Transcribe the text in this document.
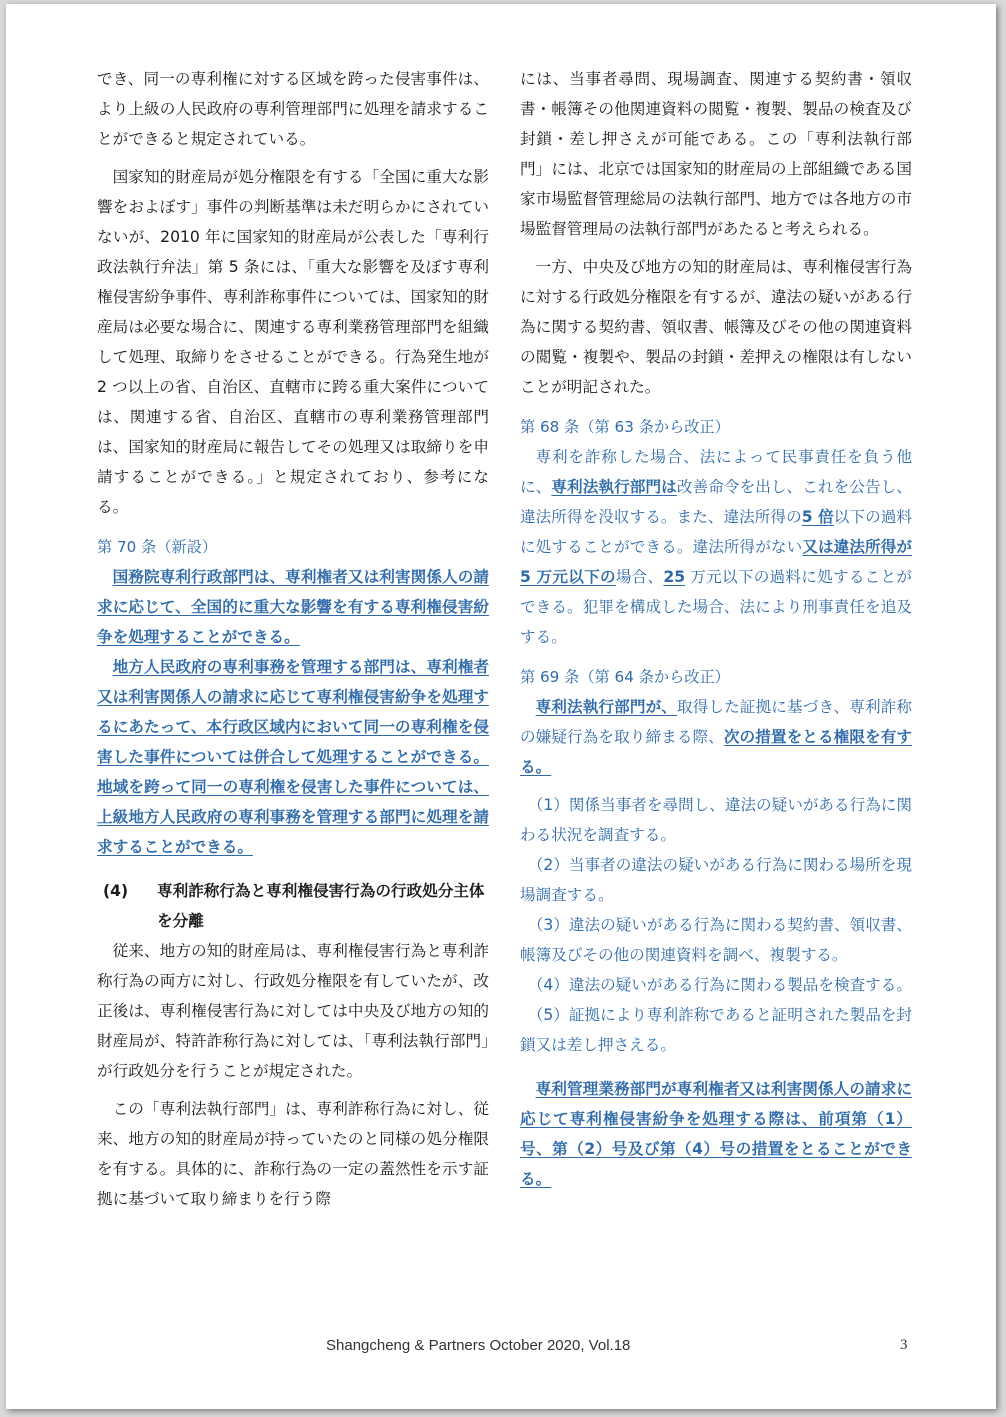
でき、同一の専利権に対する区域を跨った侵害事件は、より上級の人民政府の専利管理部門に処理を請求することができると規定されている。

国家知的財産局が処分権限を有する「全国に重大な影響をおよぼす」事件の判断基準は未だ明らかにされていないが、2010 年に国家知的財産局が公表した「専利行政法執行弁法」第 5 条には、「重大な影響を及ぼす専利権侵害紛争事件、専利詐称事件については、国家知的財産局は必要な場合に、関連する専利業務管理部門を組織して処理、取締りをさせることができる。行為発生地が 2 つ以上の省、自治区、直轄市に跨る重大案件については、関連する省、自治区、直轄市の専利業務管理部門は、国家知的財産局に報告してその処理又は取締りを申請することができる。」と規定されており、参考になる。

第 70 条（新設）

国務院専利行政部門は、専利権者又は利害関係人の請求に応じて、全国的に重大な影響を有する専利権侵害紛争を処理することができる。

地方人民政府の専利事務を管理する部門は、専利権者又は利害関係人の請求に応じて専利権侵害紛争を処理するにあたって、本行政区域内において同一の専利権を侵害した事件については併合して処理することができる。地域を跨って同一の専利権を侵害した事件については、上級地方人民政府の専利事務を管理する部門に処理を請求することができる。

(4) 専利詐称行為と専利権侵害行為の行政処分主体を分離

従来、地方の知的財産局は、専利権侵害行為と専利詐称行為の両方に対し、行政処分権限を有していたが、改正後は、専利権侵害行為に対しては中央及び地方の知的財産局が、特許詐称行為に対しては、「専利法執行部門」が行政処分を行うことが規定された。

この「専利法執行部門」は、専利詐称行為に対し、従来、地方の知的財産局が持っていたのと同様の処分権限を有する。具体的に、詐称行為の一定の蓋然性を示す証拠に基づいて取り締まりを行う際

には、当事者尋問、現場調査、関連する契約書・領収書・帳簿その他関連資料の閲覧・複製、製品の検査及び封鎖・差し押さえが可能である。この「専利法執行部門」には、北京では国家知的財産局の上部組織である国家市場監督管理総局の法執行部門、地方では各地方の市場監督管理局の法執行部門があたると考えられる。

一方、中央及び地方の知的財産局は、専利権侵害行為に対する行政処分権限を有するが、違法の疑いがある行為に関する契約書、領収書、帳簿及びその他の関連資料の閲覧・複製や、製品の封鎖・差押えの権限は有しないことが明記された。

第 68 条（第 63 条から改正）

専利を詐称した場合、法によって民事責任を負う他に、専利法執行部門は改善命令を出し、これを公告し、違法所得を没収する。また、違法所得の5 倍以下の過料に処することができる。違法所得がない又は違法所得が 5 万元以下の場合、25 万元以下の過料に処することができる。犯罪を構成した場合、法により刑事責任を追及する。

第 69 条（第 64 条から改正）

専利法執行部門が、取得した証拠に基づき、専利詐称の嫌疑行為を取り締まる際、次の措置をとる権限を有する。

（1）関係当事者を尋問し、違法の疑いがある行為に関わる状況を調査する。

（2）当事者の違法の疑いがある行為に関わる場所を現場調査する。

（3）違法の疑いがある行為に関わる契約書、領収書、帳簿及びその他の関連資料を調べ、複製する。

（4）違法の疑いがある行為に関わる製品を検査する。

（5）証拠により専利詐称であると証明された製品を封鎖又は差し押さえる。

専利管理業務部門が専利権者又は利害関係人の請求に応じて専利権侵害紛争を処理する際は、前項第（1）号、第（2）号及び第（4）号の措置をとることができる。

Shangcheng & Partners October 2020, Vol.18	3
